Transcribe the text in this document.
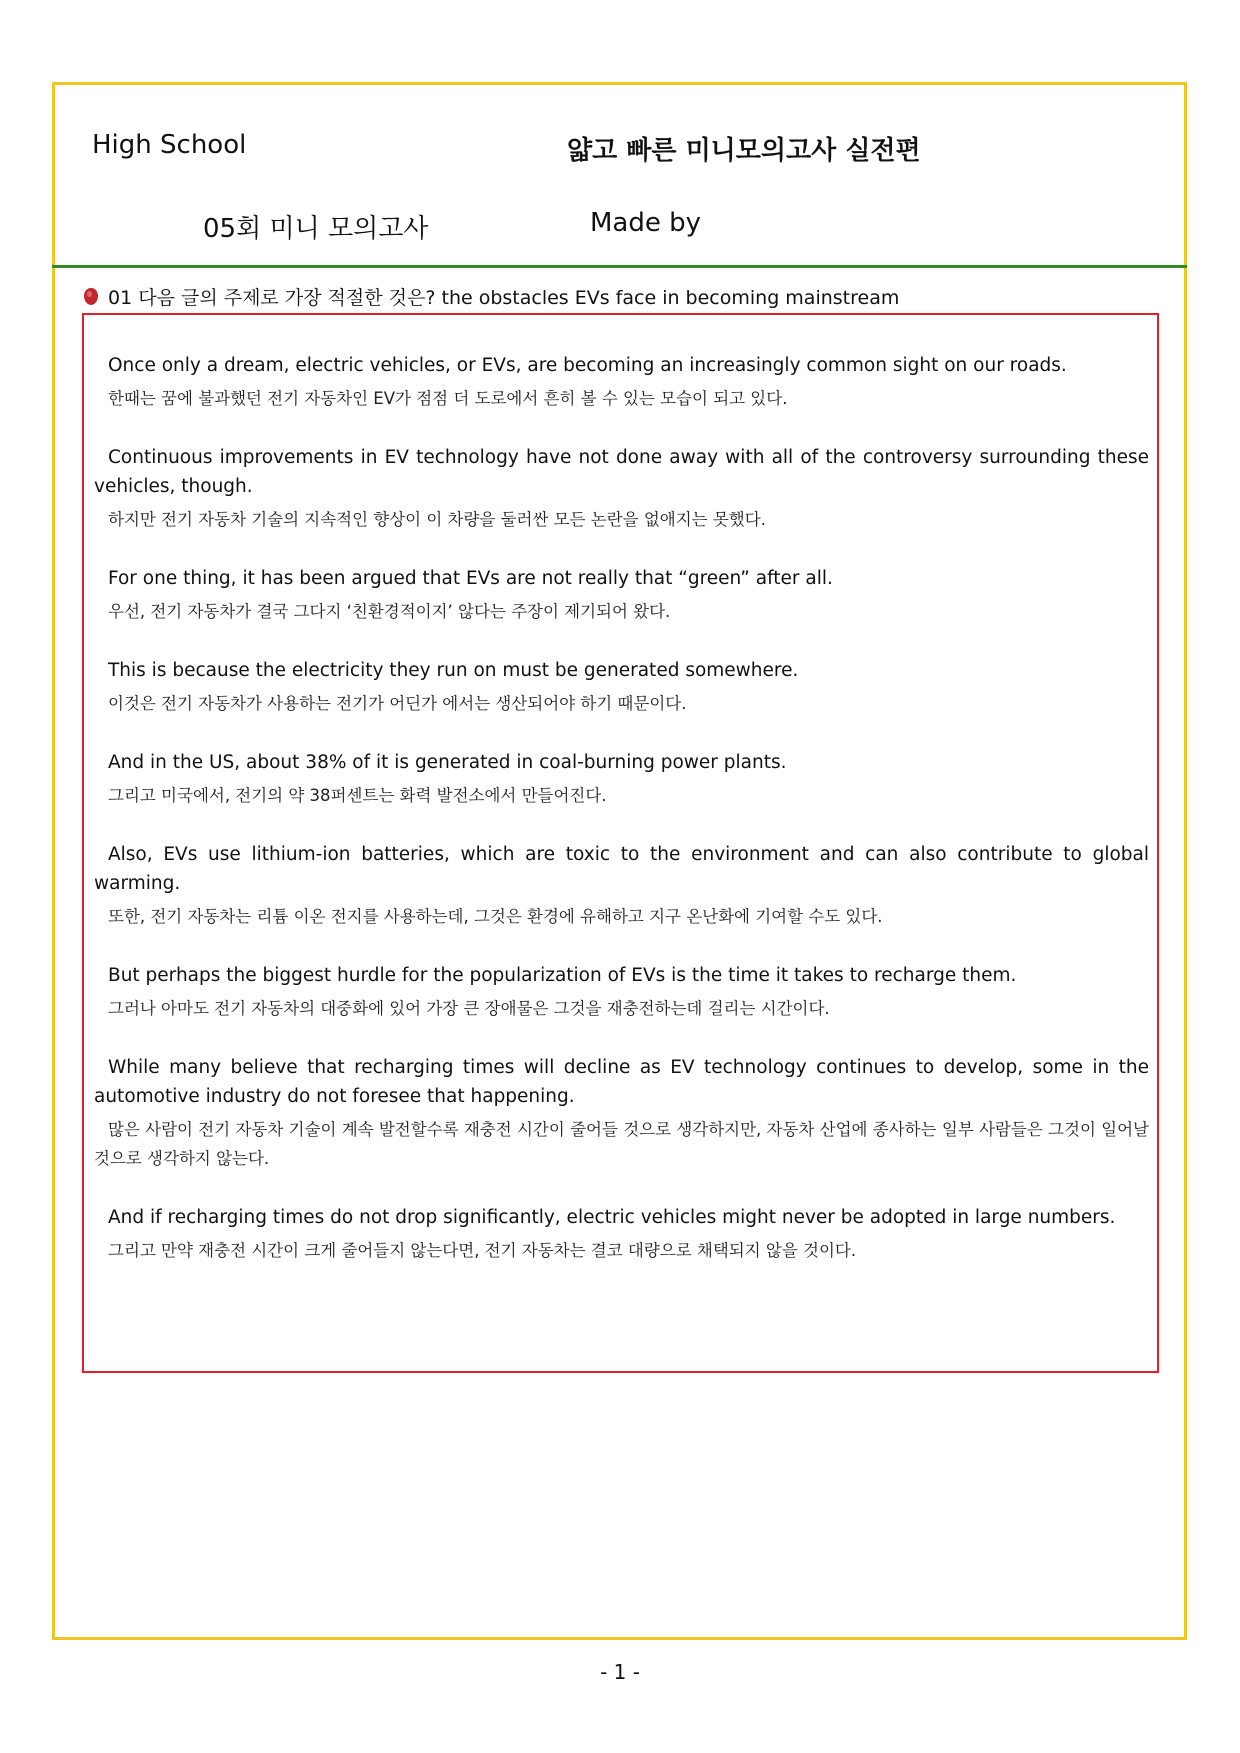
High School	얇고 빠른 미니모의고사 실전편
05회 미니 모의고사	Made by
01 다음 글의 주제로 가장 적절한 것은? the obstacles EVs face in becoming mainstream
Once only a dream, electric vehicles, or EVs, are becoming an increasingly common sight on our roads.
한때는 꿈에 불과했던 전기 자동차인 EV가 점점 더 도로에서 흔히 볼 수 있는 모습이 되고 있다.
Continuous improvements in EV technology have not done away with all of the controversy surrounding these vehicles, though.
하지만 전기 자동차 기술의 지속적인 향상이 이 차량을 둘러싼 모든 논란을 없애지는 못했다.
For one thing, it has been argued that EVs are not really that “green” after all.
우선, 전기 자동차가 결국 그다지 ‘친환경적이지’ 않다는 주장이 제기되어 왔다.
This is because the electricity they run on must be generated somewhere.
이것은 전기 자동차가 사용하는 전기가 어딘가 에서는 생산되어야 하기 때문이다.
And in the US, about 38% of it is generated in coal-burning power plants.
그리고 미국에서, 전기의 약 38퍼센트는 화력 발전소에서 만들어진다.
Also, EVs use lithium-ion batteries, which are toxic to the environment and can also contribute to global warming.
또한, 전기 자동차는 리튬 이온 전지를 사용하는데, 그것은 환경에 유해하고 지구 온난화에 기여할 수도 있다.
But perhaps the biggest hurdle for the popularization of EVs is the time it takes to recharge them.
그러나 아마도 전기 자동차의 대중화에 있어 가장 큰 장애물은 그것을 재충전하는데 걸리는 시간이다.
While many believe that recharging times will decline as EV technology continues to develop, some in the automotive industry do not foresee that happening.
많은 사람이 전기 자동차 기술이 계속 발전할수록 재충전 시간이 줄어들 것으로 생각하지만, 자동차 산업에 종사하는 일부 사람들은 그것이 일어날 것으로 생각하지 않는다.
And if recharging times do not drop significantly, electric vehicles might never be adopted in large numbers.
그리고 만약 재충전 시간이 크게 줄어들지 않는다면, 전기 자동차는 결코 대량으로 채택되지 않을 것이다.
- 1 -
